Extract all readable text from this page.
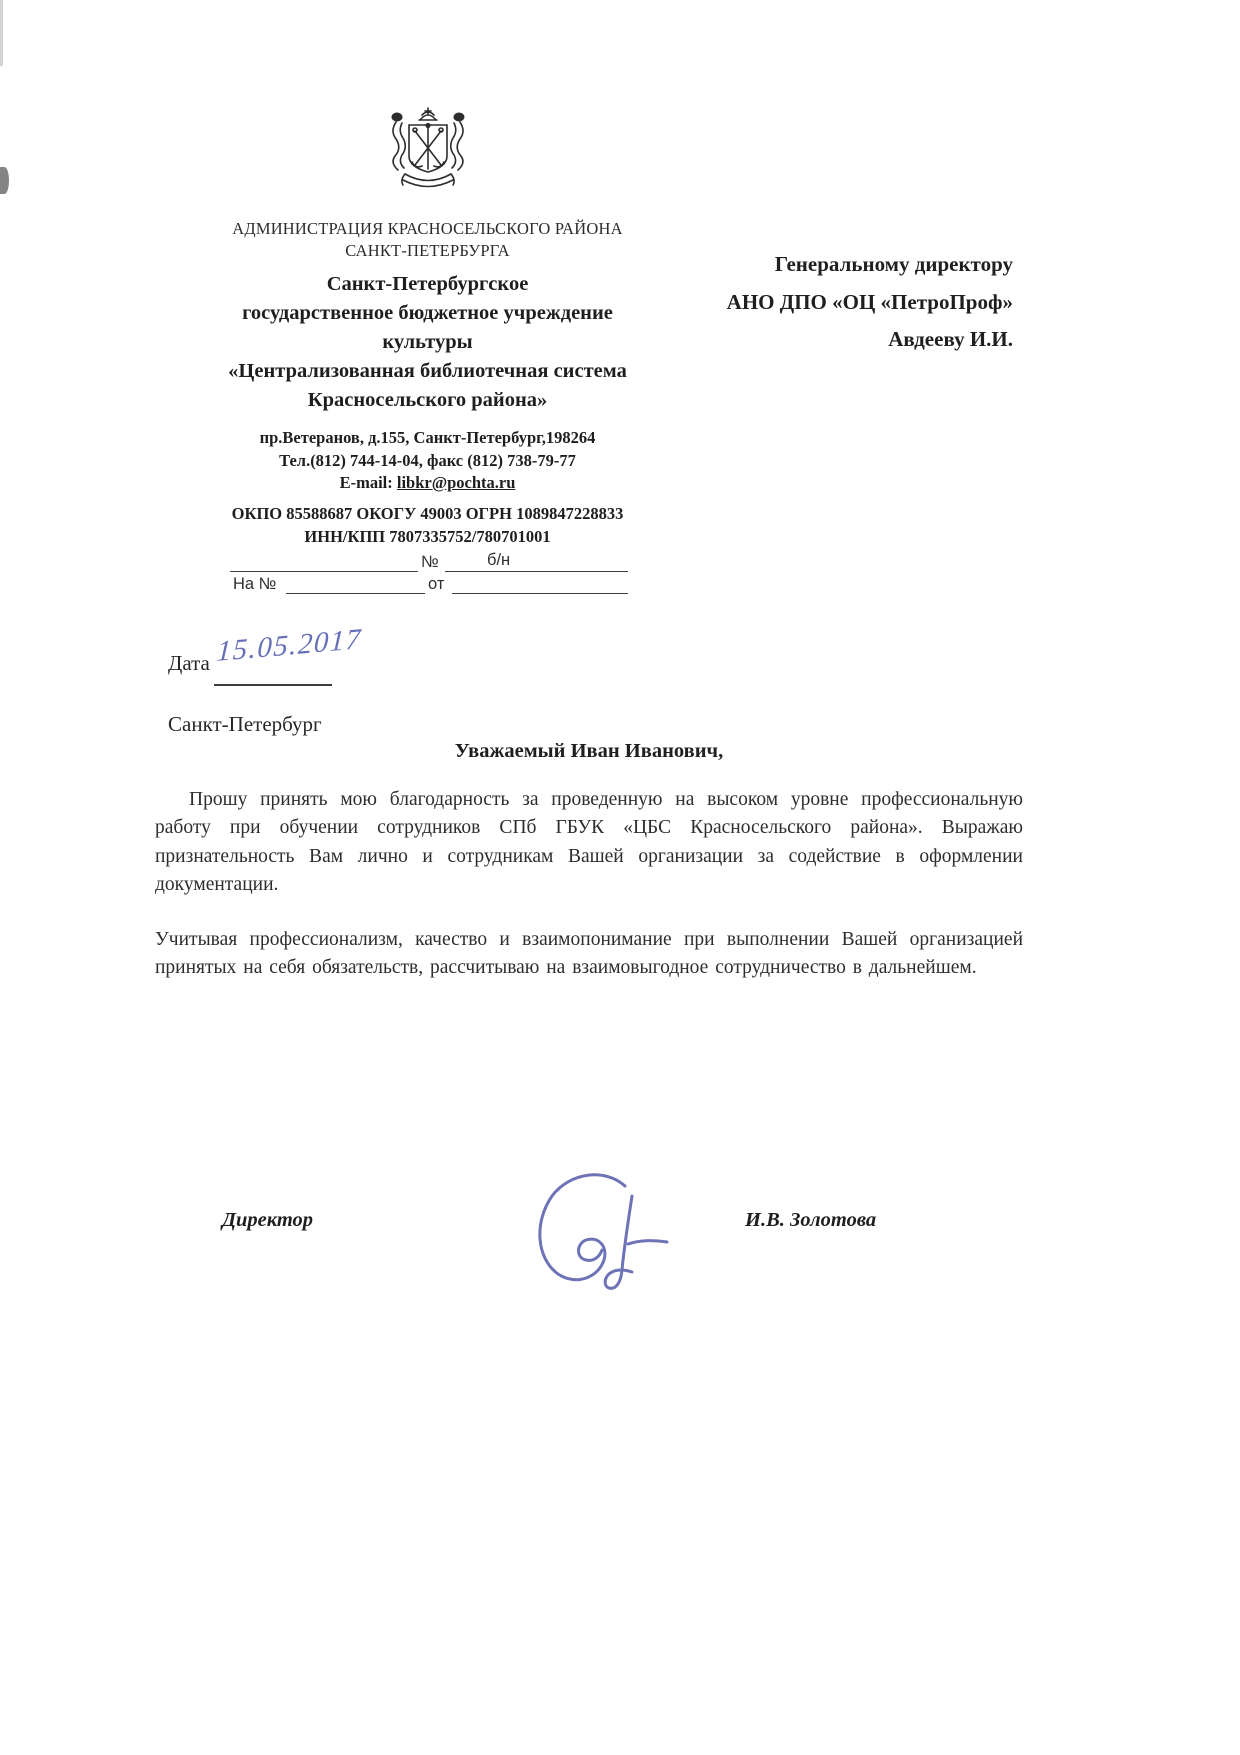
АДМИНИСТРАЦИЯ КРАСНОСЕЛЬСКОГО РАЙОНА
САНКТ-ПЕТЕРБУРГА
Санкт-Петербургское
государственное бюджетное учреждение
культуры
«Централизованная библиотечная система
Красносельского района»
пр.Ветеранов, д.155, Санкт-Петербург,198264
Тел.(812) 744-14-04, факс (812) 738-79-77
E-mail: libkr@pochta.ru
ОКПО 85588687 ОКОГУ 49003 ОГРН 1089847228833
ИНН/КПП 7807335752/780701001
Генеральному директору
АНО ДПО «ОЦ «ПетроПроф»
Авдееву И.И.
№	б/н
На №	от
Дата 15.05.2017
Санкт-Петербург
Уважаемый Иван Иванович,
Прошу принять мою благодарность за проведенную на высоком уровне профессиональную работу при обучении сотрудников СПб ГБУК «ЦБС Красносельского района». Выражаю признательность Вам лично и сотрудникам Вашей организации за содействие в оформлении документации.
Учитывая профессионализм, качество и взаимопонимание при выполнении Вашей организацией принятых на себя обязательств, рассчитываю на взаимовыгодное сотрудничество в дальнейшем.
Директор	И.В. Золотова
